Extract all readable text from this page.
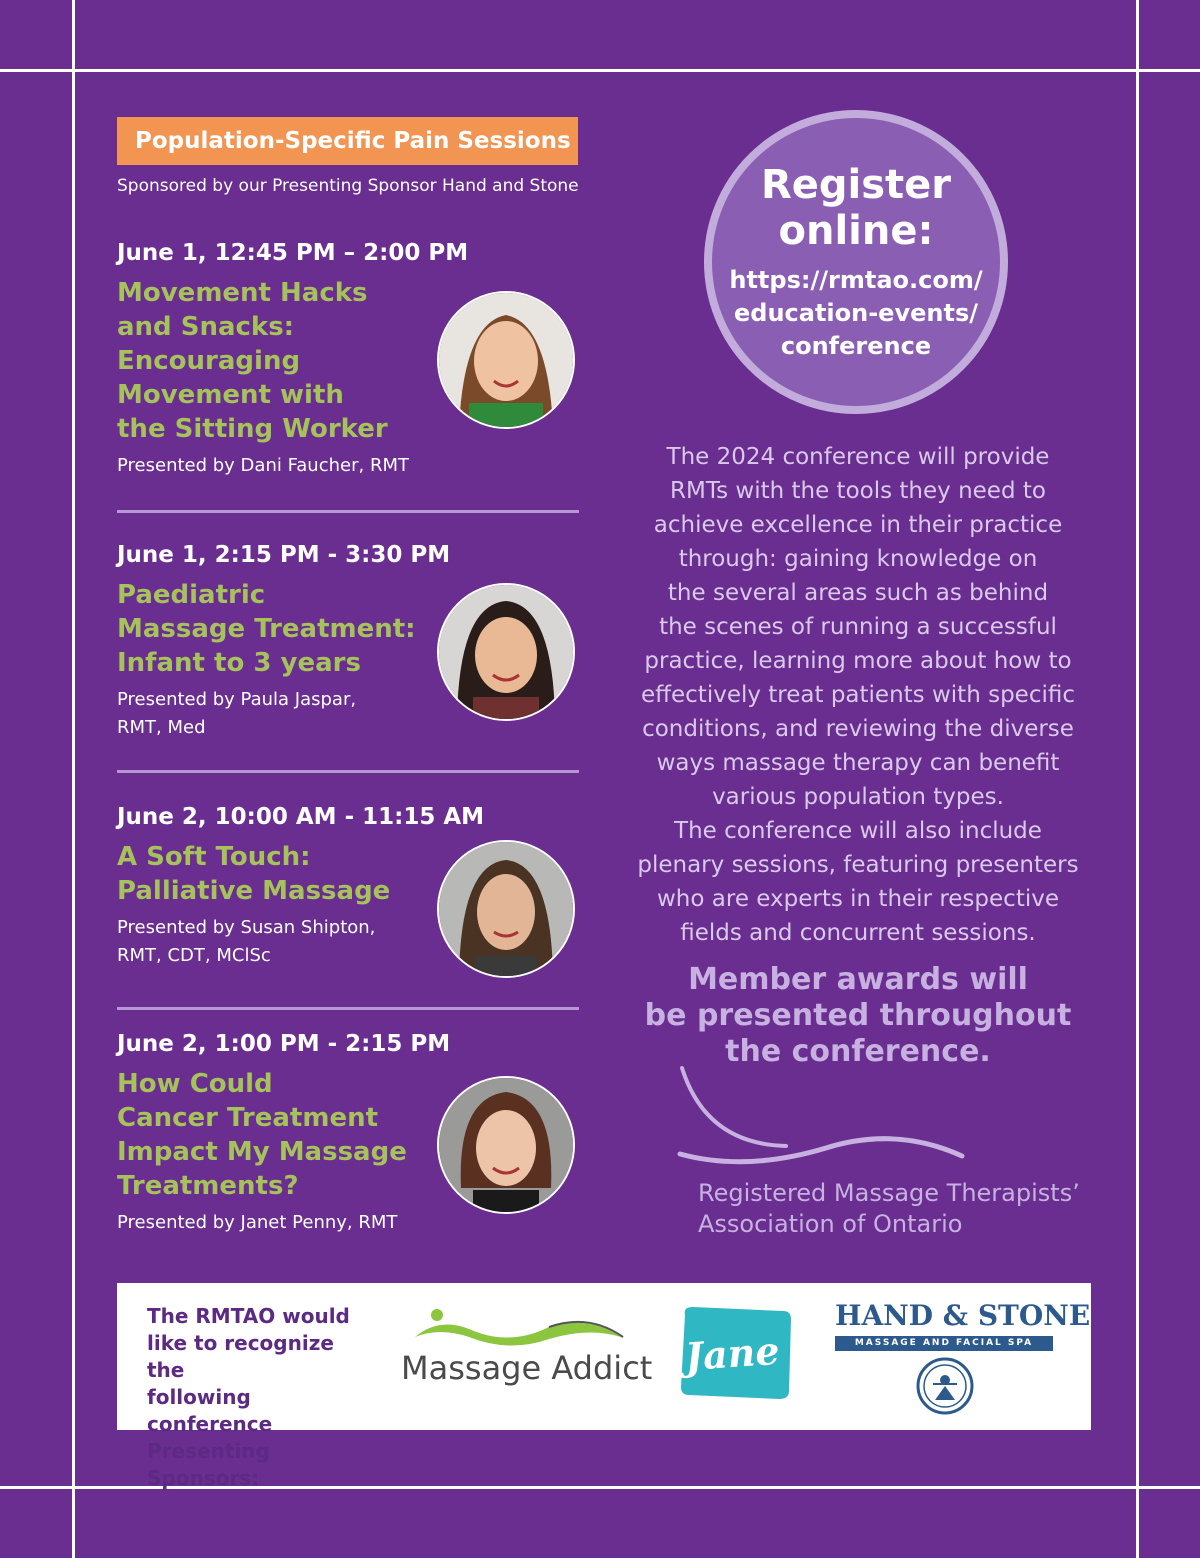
Population-Specific Pain Sessions
Sponsored by our Presenting Sponsor Hand and Stone
June 1, 12:45 PM – 2:00 PM
Movement Hacks
and Snacks:
Encouraging
Movement with
the Sitting Worker
Presented by Dani Faucher, RMT
June 1, 2:15 PM - 3:30 PM
Paediatric
Massage Treatment:
Infant to 3 years
Presented by Paula Jaspar,
RMT, Med
June 2, 10:00 AM - 11:15 AM
A Soft Touch:
Palliative Massage
Presented by Susan Shipton,
RMT, CDT, MClSc
June 2, 1:00 PM - 2:15 PM
How Could
Cancer Treatment
Impact My Massage
Treatments?
Presented by Janet Penny, RMT
Register
online:
https://rmtao.com/
education-events/
conference

The 2024 conference will provide
RMTs with the tools they need to
achieve excellence in their practice
through: gaining knowledge on
the several areas such as behind
the scenes of running a successful
practice, learning more about how to
effectively treat patients with specific
conditions, and reviewing the diverse
ways massage therapy can benefit
various population types.

The conference will also include
plenary sessions, featuring presenters
who are experts in their respective
fields and concurrent sessions.

Member awards will
be presented throughout
the conference.
Registered Massage Therapists’
Association of Ontario
The RMTAO would
like to recognize the
following conference
Presenting Sponsors:
Massage Addict Jane
HAND & STONE
MASSAGE AND FACIAL SPA
